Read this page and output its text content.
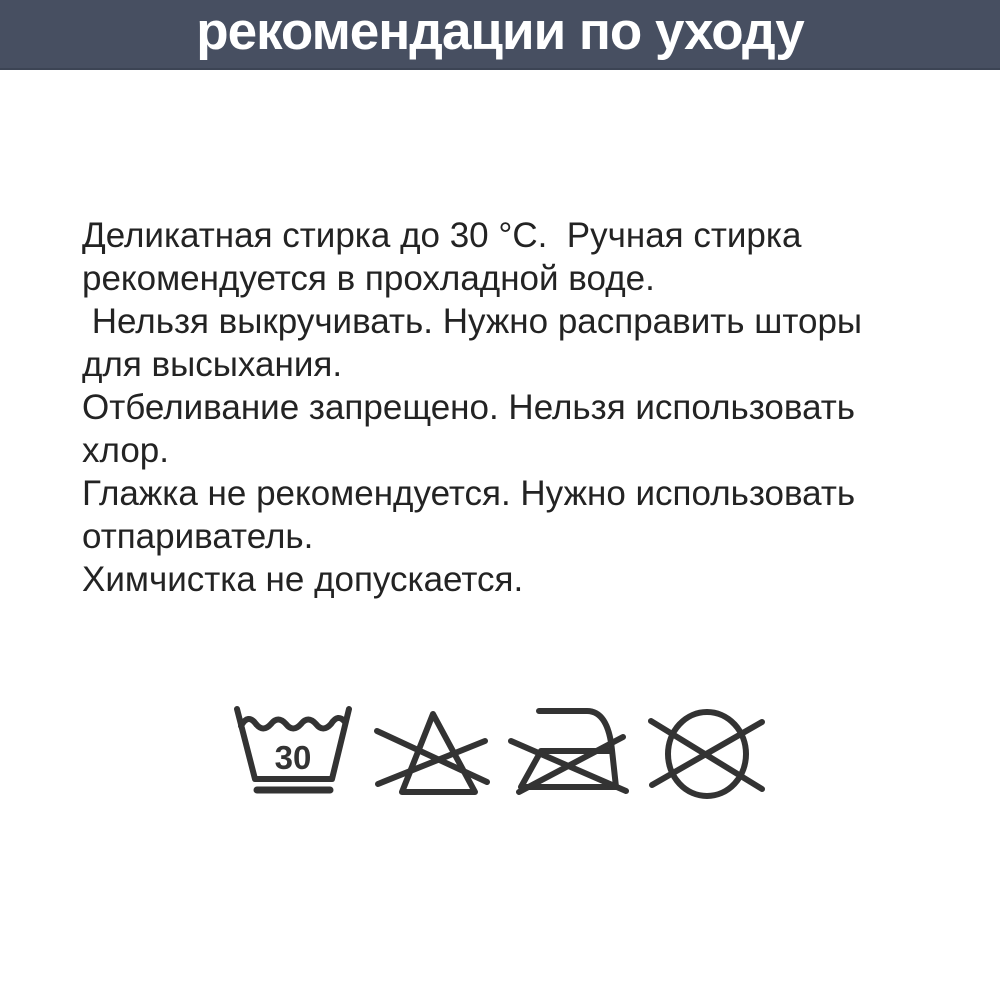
рекомендации по уходу
Деликатная стирка до 30 °C.  Ручная стирка
рекомендуется в прохладной воде.
Нельзя выкручивать. Нужно расправить шторы
для высыхания.
Отбеливание запрещено. Нельзя использовать
хлор.
Глажка не рекомендуется. Нужно использовать
отпариватель.
Химчистка не допускается.
30
